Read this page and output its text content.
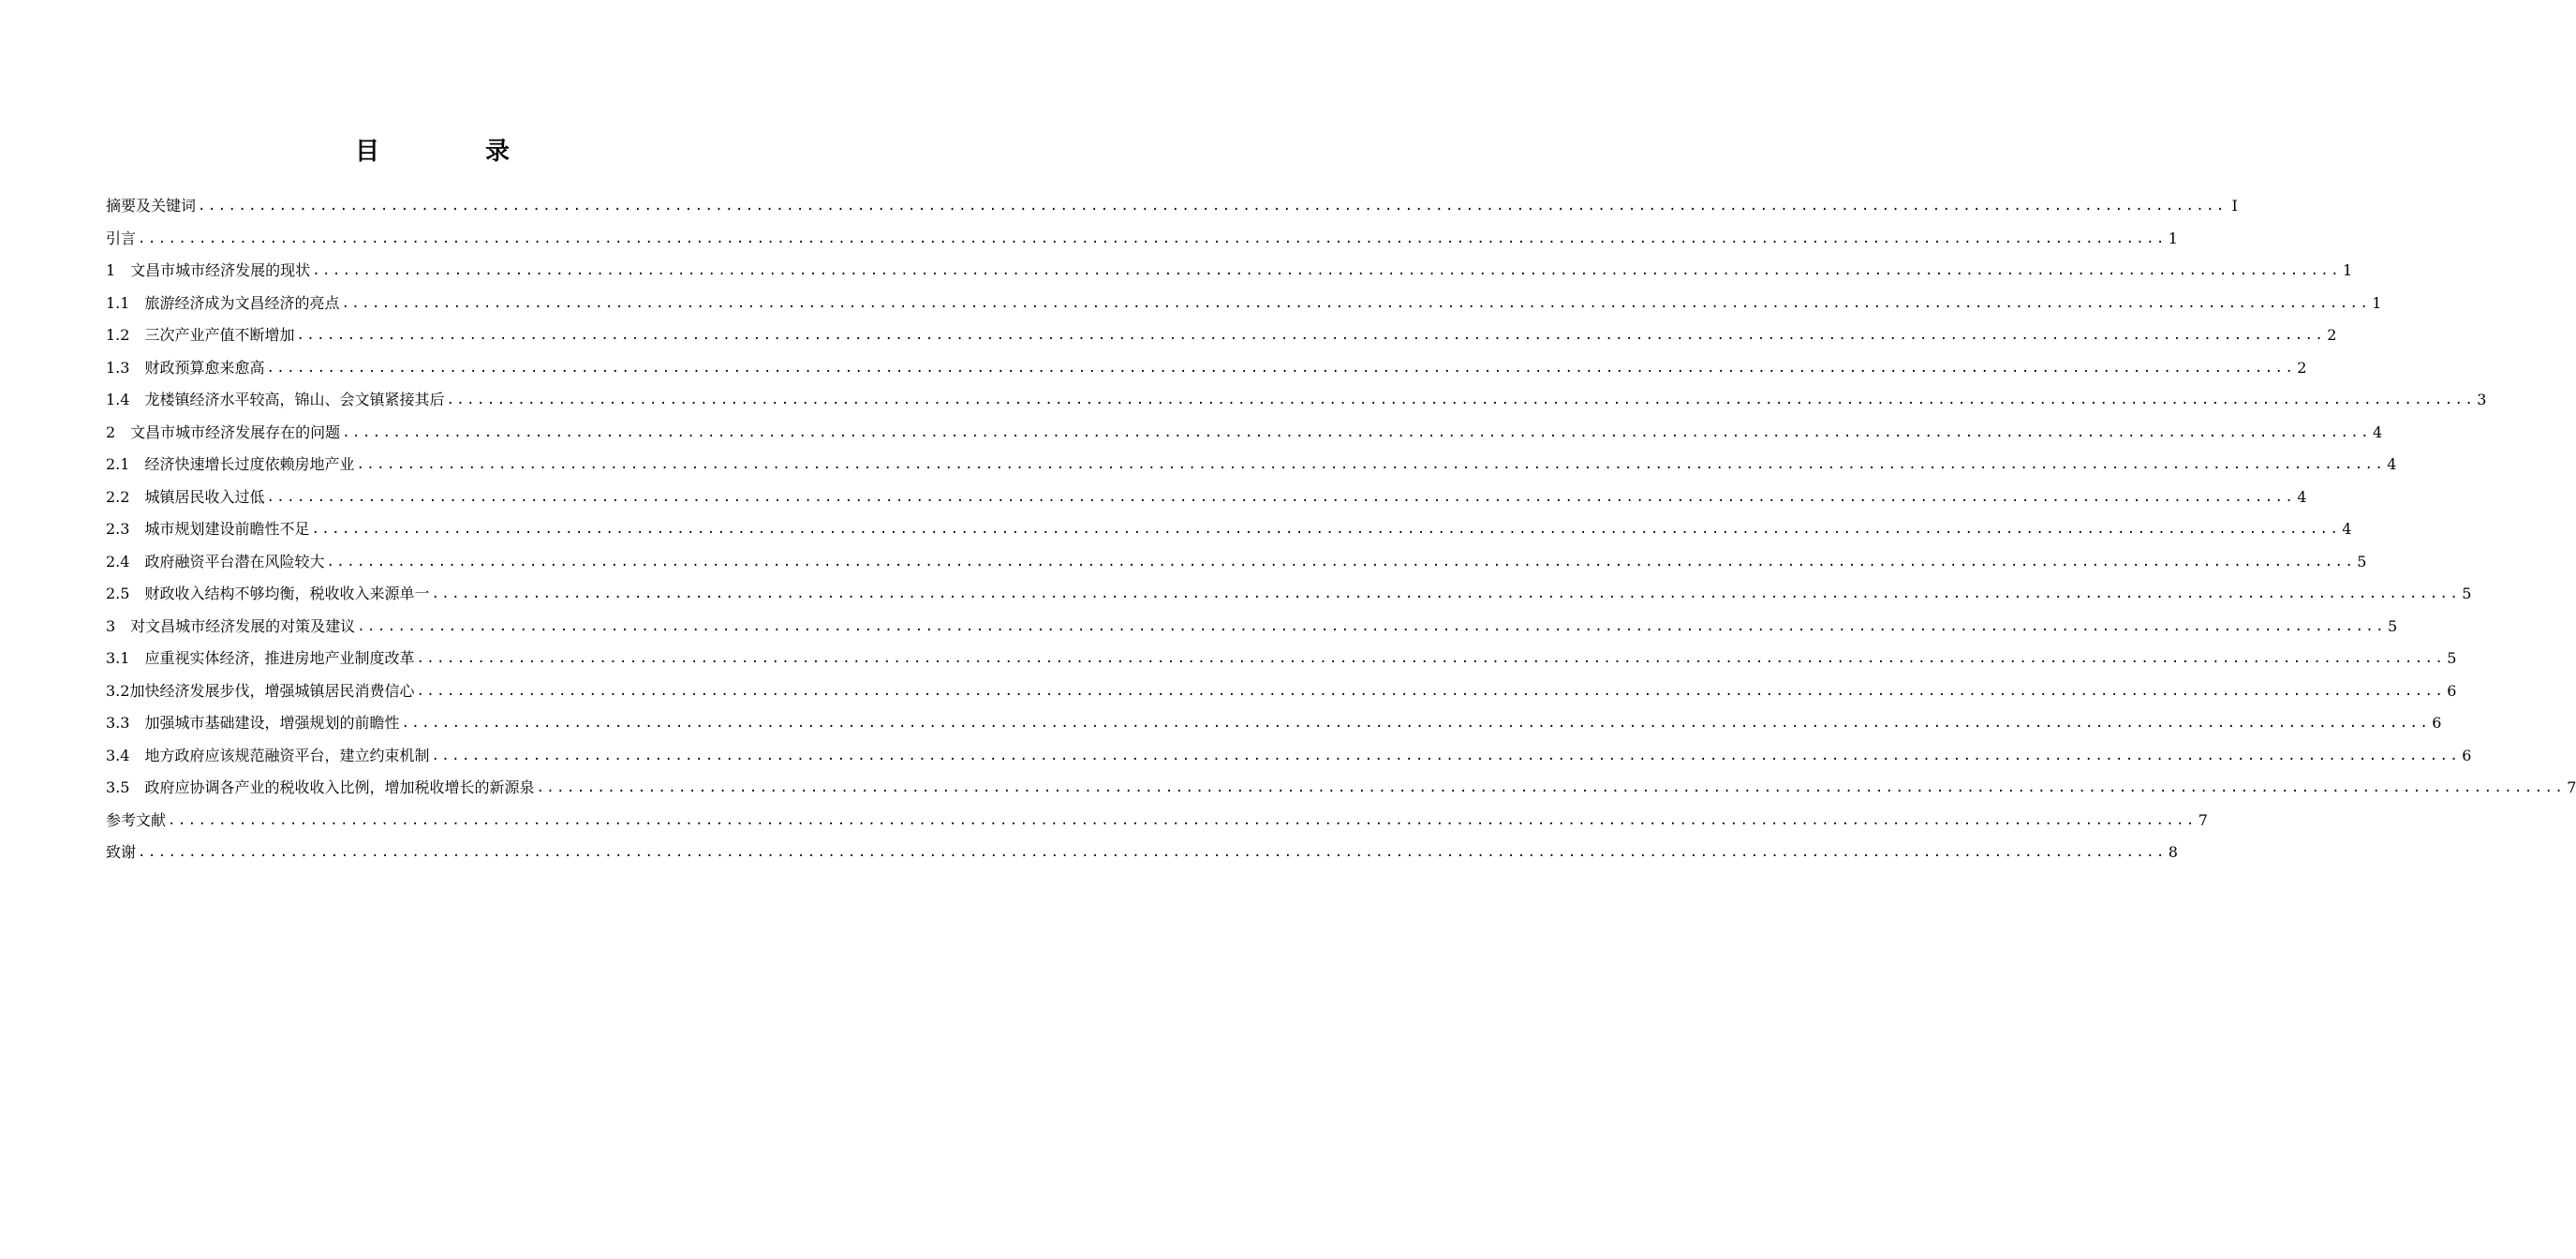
目 录
摘要及关键词 ........................................................................................................................................................................................................ I
引言 ........................................................................................................................................................................................................ 1
1　文昌市城市经济发展的现状 ........................................................................................................................................................................................................ 1
1.1　旅游经济成为文昌经济的亮点 ........................................................................................................................................................................................................ 1
1.2　三次产业产值不断增加 ........................................................................................................................................................................................................ 2
1.3　财政预算愈来愈高 ........................................................................................................................................................................................................ 2
1.4　龙楼镇经济水平较高，锦山、会文镇紧接其后 ........................................................................................................................................................................................................ 3
2　文昌市城市经济发展存在的问题 ........................................................................................................................................................................................................ 4
2.1　经济快速增长过度依赖房地产业 ........................................................................................................................................................................................................ 4
2.2　城镇居民收入过低 ........................................................................................................................................................................................................ 4
2.3　城市规划建设前瞻性不足 ........................................................................................................................................................................................................ 4
2.4　政府融资平台潜在风险较大 ........................................................................................................................................................................................................ 5
2.5　财政收入结构不够均衡，税收收入来源单一 ........................................................................................................................................................................................................ 5
3　对文昌城市经济发展的对策及建议 ........................................................................................................................................................................................................ 5
3.1　应重视实体经济，推进房地产业制度改革 ........................................................................................................................................................................................................ 5
3.2加快经济发展步伐，增强城镇居民消费信心 ........................................................................................................................................................................................................ 6
3.3　加强城市基础建设，增强规划的前瞻性 ........................................................................................................................................................................................................ 6
3.4　地方政府应该规范融资平台，建立约束机制 ........................................................................................................................................................................................................ 6
3.5　政府应协调各产业的税收收入比例，增加税收增长的新源泉 ........................................................................................................................................................................................................ 7
参考文献 ........................................................................................................................................................................................................ 7
致谢 ........................................................................................................................................................................................................ 8
